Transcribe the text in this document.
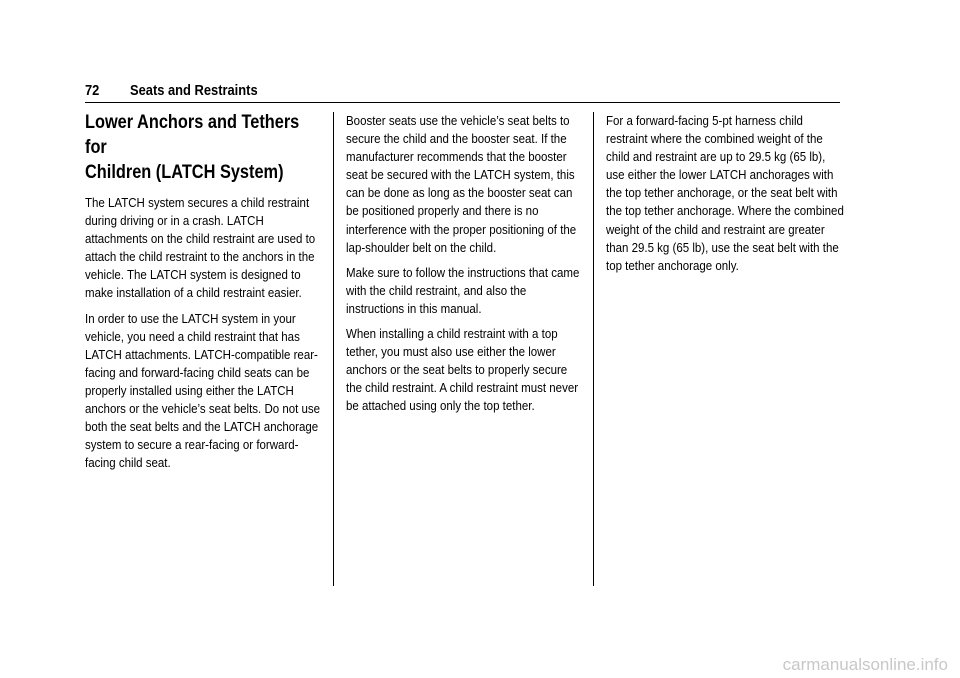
72 Seats and Restraints
Lower Anchors and Tethers for
Children (LATCH System)

The LATCH system secures a child restraint during driving or in a crash. LATCH attachments on the child restraint are used to attach the child restraint to the anchors in the vehicle. The LATCH system is designed to make installation of a child restraint easier.

In order to use the LATCH system in your vehicle, you need a child restraint that has LATCH attachments. LATCH-compatible rear-facing and forward-facing child seats can be properly installed using either the LATCH anchors or the vehicle’s seat belts. Do not use both the seat belts and the LATCH anchorage system to secure a rear-facing or forward-facing child seat.

Booster seats use the vehicle’s seat belts to secure the child and the booster seat. If the manufacturer recommends that the booster seat be secured with the LATCH system, this can be done as long as the booster seat can be positioned properly and there is no interference with the proper positioning of the lap-shoulder belt on the child.

Make sure to follow the instructions that came with the child restraint, and also the instructions in this manual.

When installing a child restraint with a top tether, you must also use either the lower anchors or the seat belts to properly secure the child restraint. A child restraint must never be attached using only the top tether.

For a forward-facing 5-pt harness child restraint where the combined weight of the child and restraint are up to 29.5 kg (65 lb), use either the lower LATCH anchorages with the top tether anchorage, or the seat belt with the top tether anchorage. Where the combined weight of the child and restraint are greater than 29.5 kg (65 lb), use the seat belt with the top tether anchorage only.

carmanualsonline.info
